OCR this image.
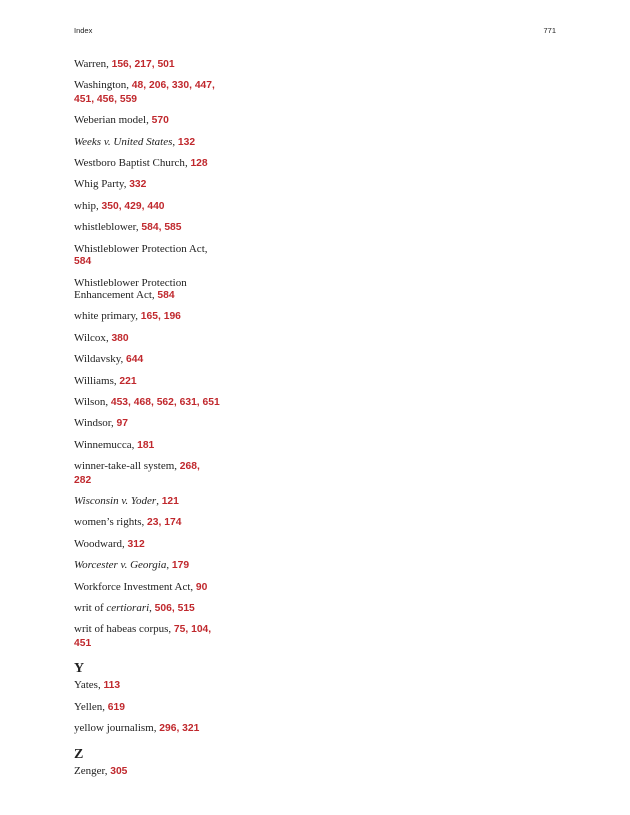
Index	771
Warren, 156, 217, 501
Washington, 48, 206, 330, 447,
451, 456, 559
Weberian model, 570
Weeks v. United States, 132
Westboro Baptist Church, 128
Whig Party, 332
whip, 350, 429, 440
whistleblower, 584, 585
Whistleblower Protection Act,
584
Whistleblower Protection
Enhancement Act, 584
white primary, 165, 196
Wilcox, 380
Wildavsky, 644
Williams, 221
Wilson, 453, 468, 562, 631, 651
Windsor, 97
Winnemucca, 181
winner-take-all system, 268,
282
Wisconsin v. Yoder, 121
women’s rights, 23, 174
Woodward, 312
Worcester v. Georgia, 179
Workforce Investment Act, 90
writ of certiorari, 506, 515
writ of habeas corpus, 75, 104,
451
Y
Yates, 113
Yellen, 619
yellow journalism, 296, 321
Z
Zenger, 305
